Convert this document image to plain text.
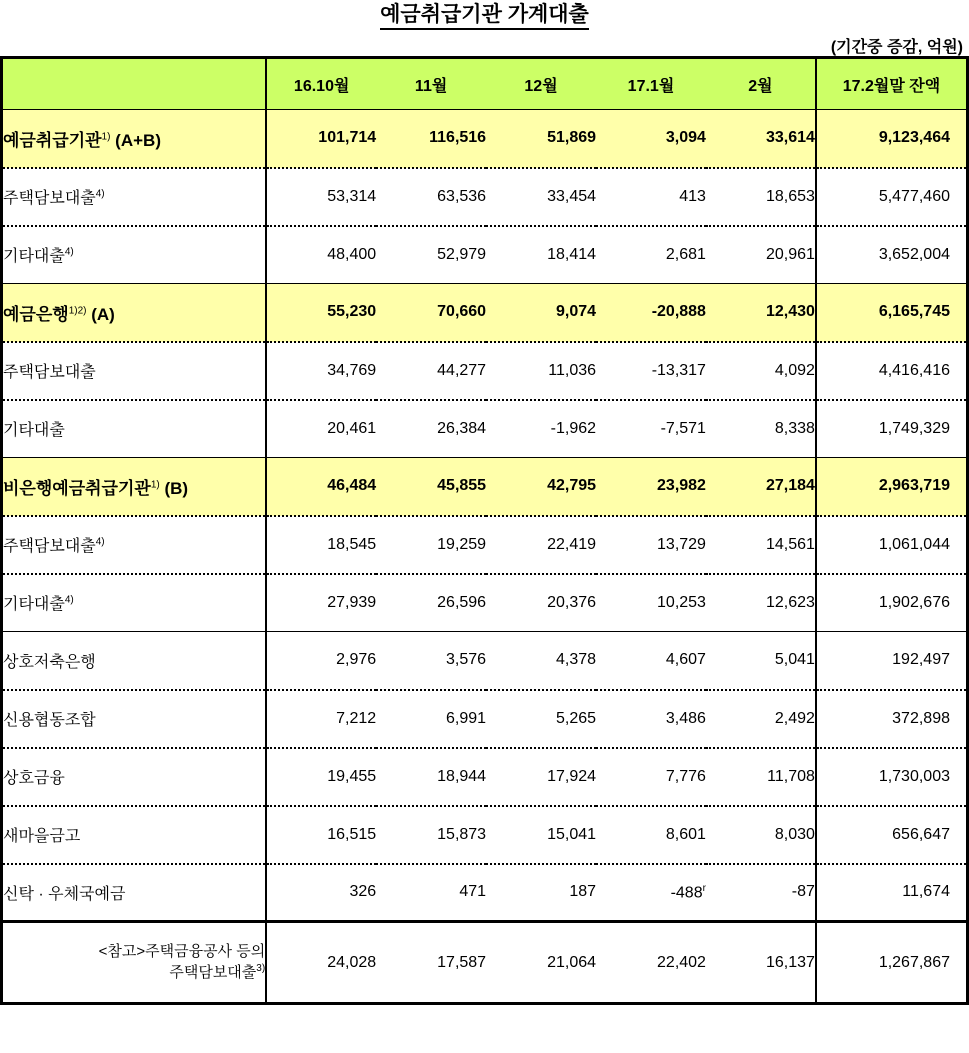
예금취급기관 가계대출
(기간중 증감, 억원)
	16.10월	11월	12월	17.1월	2월	17.2월말 잔액
예금취급기관$^{1)}$ (A+B)	101,714	116,516	51,869	3,094	33,614	9,123,464
주택담보대출$^{4)}$	53,314	63,536	33,454	413	18,653	5,477,460
기타대출$^{4)}$	48,400	52,979	18,414	2,681	20,961	3,652,004
예금은행$^{1)2)}$ (A)	55,230	70,660	9,074	-20,888	12,430	6,165,745
주택담보대출	34,769	44,277	11,036	-13,317	4,092	4,416,416
기타대출	20,461	26,384	-1,962	-7,571	8,338	1,749,329
비은행예금취급기관$^{1)}$ (B)	46,484	45,855	42,795	23,982	27,184	2,963,719
주택담보대출$^{4)}$	18,545	19,259	22,419	13,729	14,561	1,061,044
기타대출$^{4)}$	27,939	26,596	20,376	10,253	12,623	1,902,676
상호저축은행	2,976	3,576	4,378	4,607	5,041	192,497
신용협동조합	7,212	6,991	5,265	3,486	2,492	372,898
상호금융	19,455	18,944	17,924	7,776	11,708	1,730,003
새마을금고	16,515	15,873	15,041	8,601	8,030	656,647
신탁 · 우체국예금	326	471	187	-488$^r$	-87	11,674

<참고>주택금융공사 등의
주택담보대출$^{3)}$	24,028	17,587	21,064	22,402	16,137	1,267,867
